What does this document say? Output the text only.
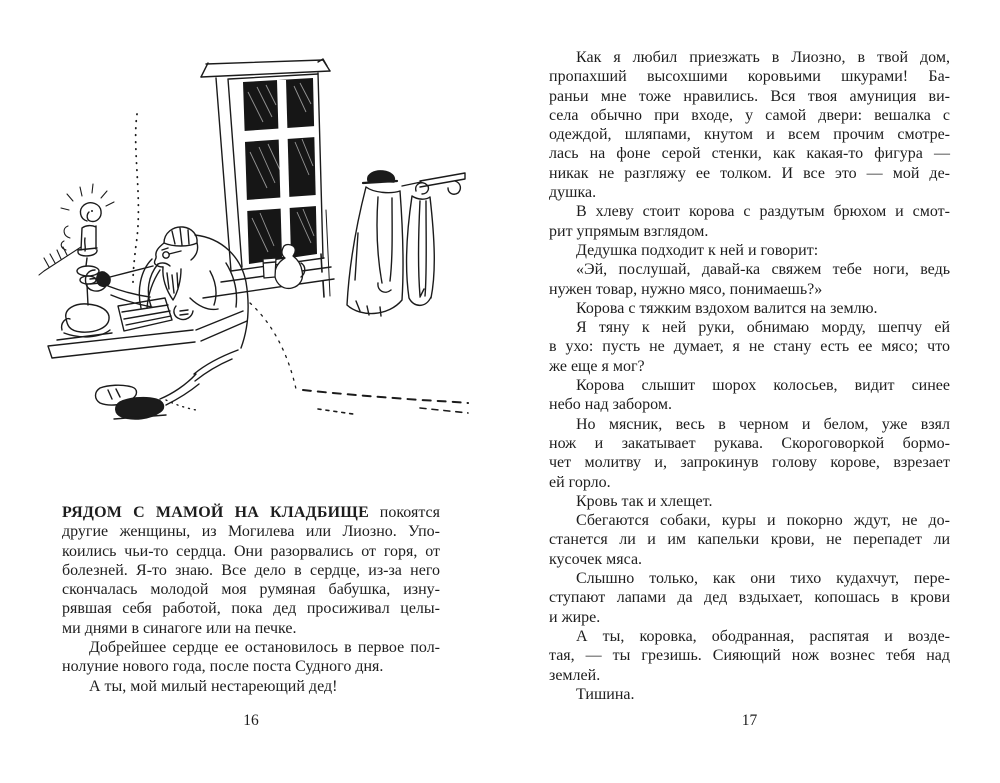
РЯДОМ С МАМОЙ НА КЛАДБИЩЕ покоятся
другие женщины, из Могилева или Лиозно. Упо-
коились чьи-то сердца. Они разорвались от горя, от
болезней. Я-то знаю. Все дело в сердце, из-за него
скончалась молодой моя румяная бабушка, изну-
рявшая себя работой, пока дед просиживал целы-
ми днями в синагоге или на печке.
Добрейшее сердце ее остановилось в первое пол-
нолуние нового года, после поста Судного дня.
А ты, мой милый нестареющий дед!
16
Как я любил приезжать в Лиозно, в твой дом,
пропахший высохшими коровьими шкурами! Ба-
раньи мне тоже нравились. Вся твоя амуниция ви-
села обычно при входе, у самой двери: вешалка с
одеждой, шляпами, кнутом и всем прочим смотре-
лась на фоне серой стенки, как какая-то фигура —
никак не разгляжу ее толком. И все это — мой де-
душка.
В хлеву стоит корова с раздутым брюхом и смот-
рит упрямым взглядом.
Дедушка подходит к ней и говорит:
«Эй, послушай, давай-ка свяжем тебе ноги, ведь
нужен товар, нужно мясо, понимаешь?»
Корова с тяжким вздохом валится на землю.
Я тяну к ней руки, обнимаю морду, шепчу ей
в ухо: пусть не думает, я не стану есть ее мясо; что
же еще я мог?
Корова слышит шорох колосьев, видит синее
небо над забором.
Но мясник, весь в черном и белом, уже взял
нож и закатывает рукава. Скороговоркой бормо-
чет молитву и, запрокинув голову корове, взрезает
ей горло.
Кровь так и хлещет.
Сбегаются собаки, куры и покорно ждут, не до-
станется ли и им капельки крови, не перепадет ли
кусочек мяса.
Слышно только, как они тихо кудахчут, пере-
ступают лапами да дед вздыхает, копошась в крови
и жире.
А ты, коровка, ободранная, распятая и возде-
тая, — ты грезишь. Сияющий нож вознес тебя над
землей.
Тишина.
17
